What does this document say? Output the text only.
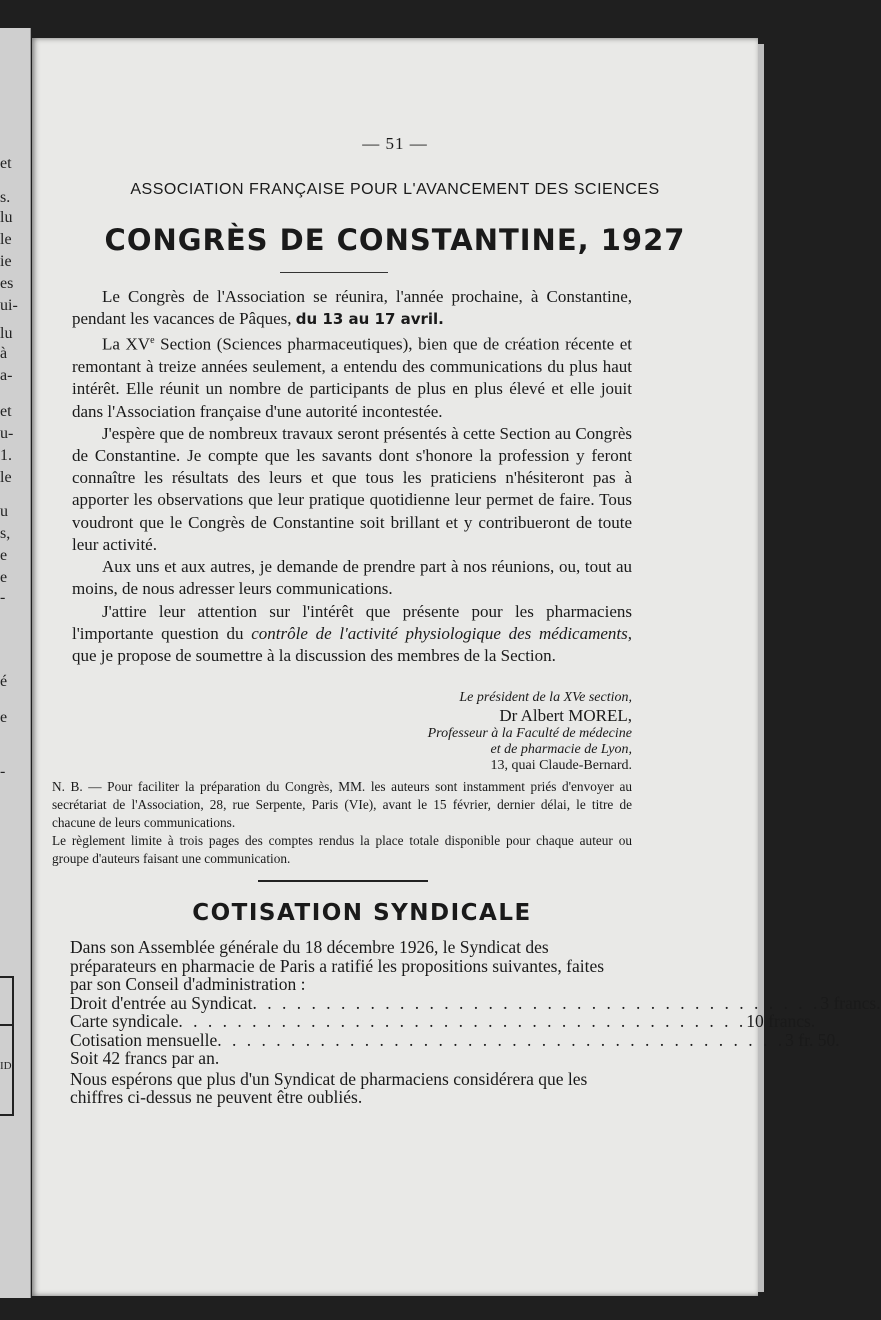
et
s.
lu
le
ie
es
ui-
lu
à
a-
et
u-
1.
le
u
s,
e
e
-
é
e
-
ID
— 51 —
ASSOCIATION FRANÇAISE POUR L'AVANCEMENT DES SCIENCES
CONGRÈS DE CONSTANTINE, 1927

Le Congrès de l'Association se réunira, l'année prochaine, à Constantine, pendant les vacances de Pâques, du 13 au 17 avril.

La XVe Section (Sciences pharmaceutiques), bien que de création récente et remontant à treize années seulement, a entendu des communications du plus haut intérêt. Elle réunit un nombre de participants de plus en plus élevé et elle jouit dans l'Association française d'une autorité incontestée.

J'espère que de nombreux travaux seront présentés à cette Section au Congrès de Constantine. Je compte que les savants dont s'honore la profession y feront connaître les résultats des leurs et que tous les praticiens n'hésiteront pas à apporter les observations que leur pratique quotidienne leur permet de faire. Tous voudront que le Congrès de Constantine soit brillant et y contribueront de toute leur activité.

Aux uns et aux autres, je demande de prendre part à nos réunions, ou, tout au moins, de nous adresser leurs communications.

J'attire leur attention sur l'intérêt que présente pour les pharmaciens l'importante question du contrôle de l'activité physiologique des médicaments, que je propose de soumettre à la discussion des membres de la Section.

Le président de la XVe section,
Dr Albert MOREL,
Professeur à la Faculté de médecine
et de pharmacie de Lyon,
13, quai Claude-Bernard.

N. B. — Pour faciliter la préparation du Congrès, MM. les auteurs sont instamment priés d'envoyer au secrétariat de l'Association, 28, rue Serpente, Paris (VIe), avant le 15 février, dernier délai, le titre de chacune de leurs communications.

Le règlement limite à trois pages des comptes rendus la place totale disponible pour chaque auteur ou groupe d'auteurs faisant une communication.

COTISATION SYNDICALE

Dans son Assemblée générale du 18 décembre 1926, le Syndicat des préparateurs en pharmacie de Paris a ratifié les propositions suivantes, faites par son Conseil d'administration :

Droit d'entrée au Syndicat . . . . . . . . . . . . . . . . . . . . . . . . . . . . . . . . . . . . . . . 3 francs.
Carte syndicale . . . . . . . . . . . . . . . . . . . . . . . . . . . . . . . . . . . . . . . 10 francs.
Cotisation mensuelle . . . . . . . . . . . . . . . . . . . . . . . . . . . . . . . . . . . . . . . 3 fr. 50.

Soit 42 francs par an.

Nous espérons que plus d'un Syndicat de pharmaciens considérera que les chiffres ci-dessus ne peuvent être oubliés.
